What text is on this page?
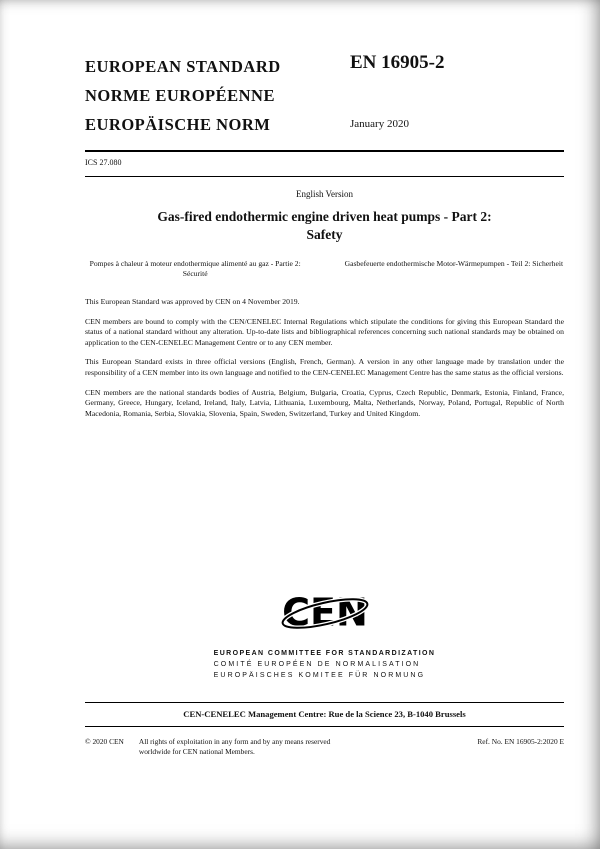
EUROPEAN STANDARD
NORME EUROPÉENNE
EUROPÄISCHE NORM
EN 16905-2
January 2020
ICS 27.080
English Version
Gas-fired endothermic engine driven heat pumps - Part 2:
Safety
Pompes à chaleur à moteur endothermique alimenté au gaz - Partie 2: Sécurité
Gasbefeuerte endothermische Motor-Wärmepumpen - Teil 2: Sicherheit

This European Standard was approved by CEN on 4 November 2019.

CEN members are bound to comply with the CEN/CENELEC Internal Regulations which stipulate the conditions for giving this European Standard the status of a national standard without any alteration. Up-to-date lists and bibliographical references concerning such national standards may be obtained on application to the CEN-CENELEC Management Centre or to any CEN member.

This European Standard exists in three official versions (English, French, German). A version in any other language made by translation under the responsibility of a CEN member into its own language and notified to the CEN-CENELEC Management Centre has the same status as the official versions.

CEN members are the national standards bodies of Austria, Belgium, Bulgaria, Croatia, Cyprus, Czech Republic, Denmark, Estonia, Finland, France, Germany, Greece, Hungary, Iceland, Ireland, Italy, Latvia, Lithuania, Luxembourg, Malta, Netherlands, Norway, Poland, Portugal, Republic of North Macedonia, Romania, Serbia, Slovakia, Slovenia, Spain, Sweden, Switzerland, Turkey and United Kingdom.

CEN
EUROPEAN COMMITTEE FOR STANDARDIZATION
COMITÉ EUROPÉEN DE NORMALISATION
EUROPÄISCHES KOMITEE FÜR NORMUNG
CEN-CENELEC Management Centre: Rue de la Science 23, B-1040 Brussels
© 2020 CEN All rights of exploitation in any form and by any means reserved
worldwide for CEN national Members.
Ref. No. EN 16905-2:2020 E
